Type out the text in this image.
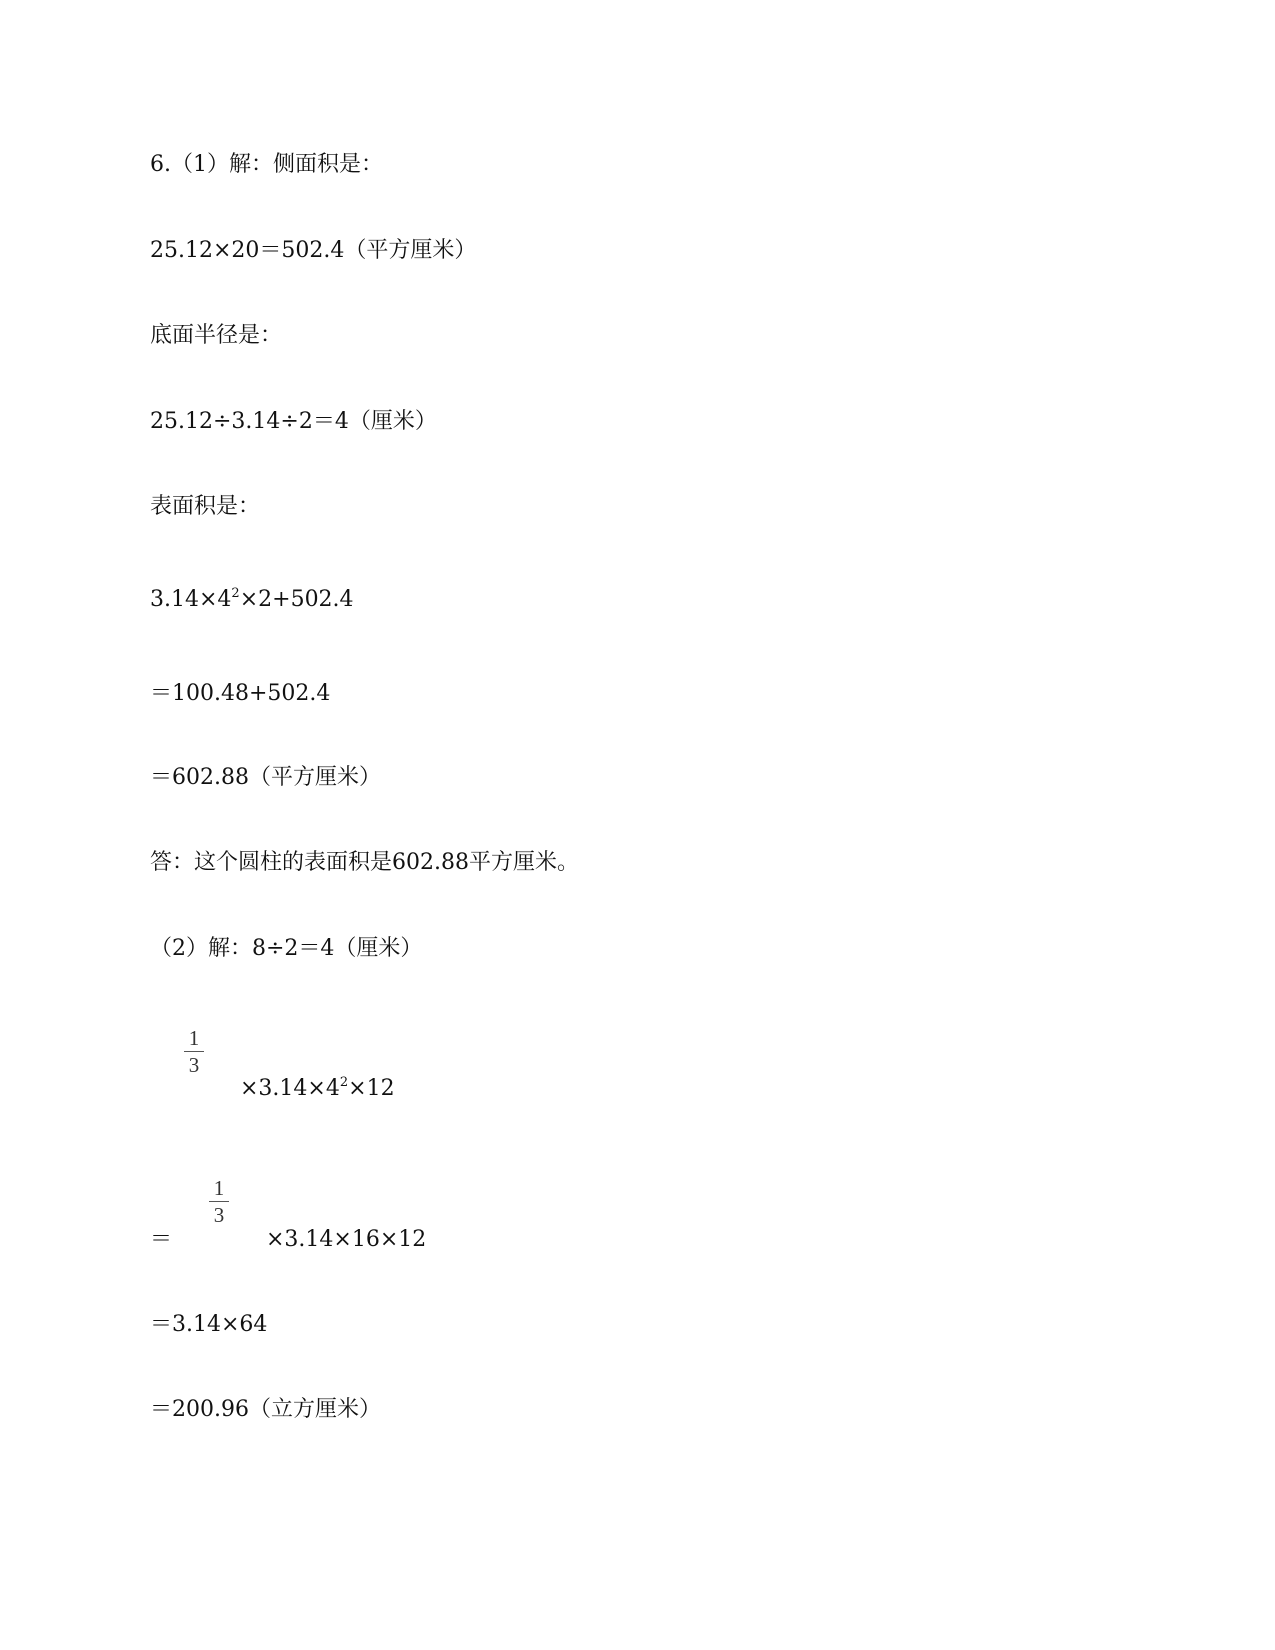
6.（1）解：侧面积是：
25.12×20＝502.4（平方厘米）
底面半径是：
25.12÷3.14÷2＝4（厘米）
表面积是：
$3.14\times 4^2\times 2+502.4$
＝100.48+502.4
＝602.88（平方厘米）
答：这个圆柱的表面积是602.88平方厘米。
（2）解：8÷2＝4（厘米）
1
3
$\times 3.14\times 4^2\times 12$
＝
1
3
×3.14×16×12
＝3.14×64
＝200.96（立方厘米）
